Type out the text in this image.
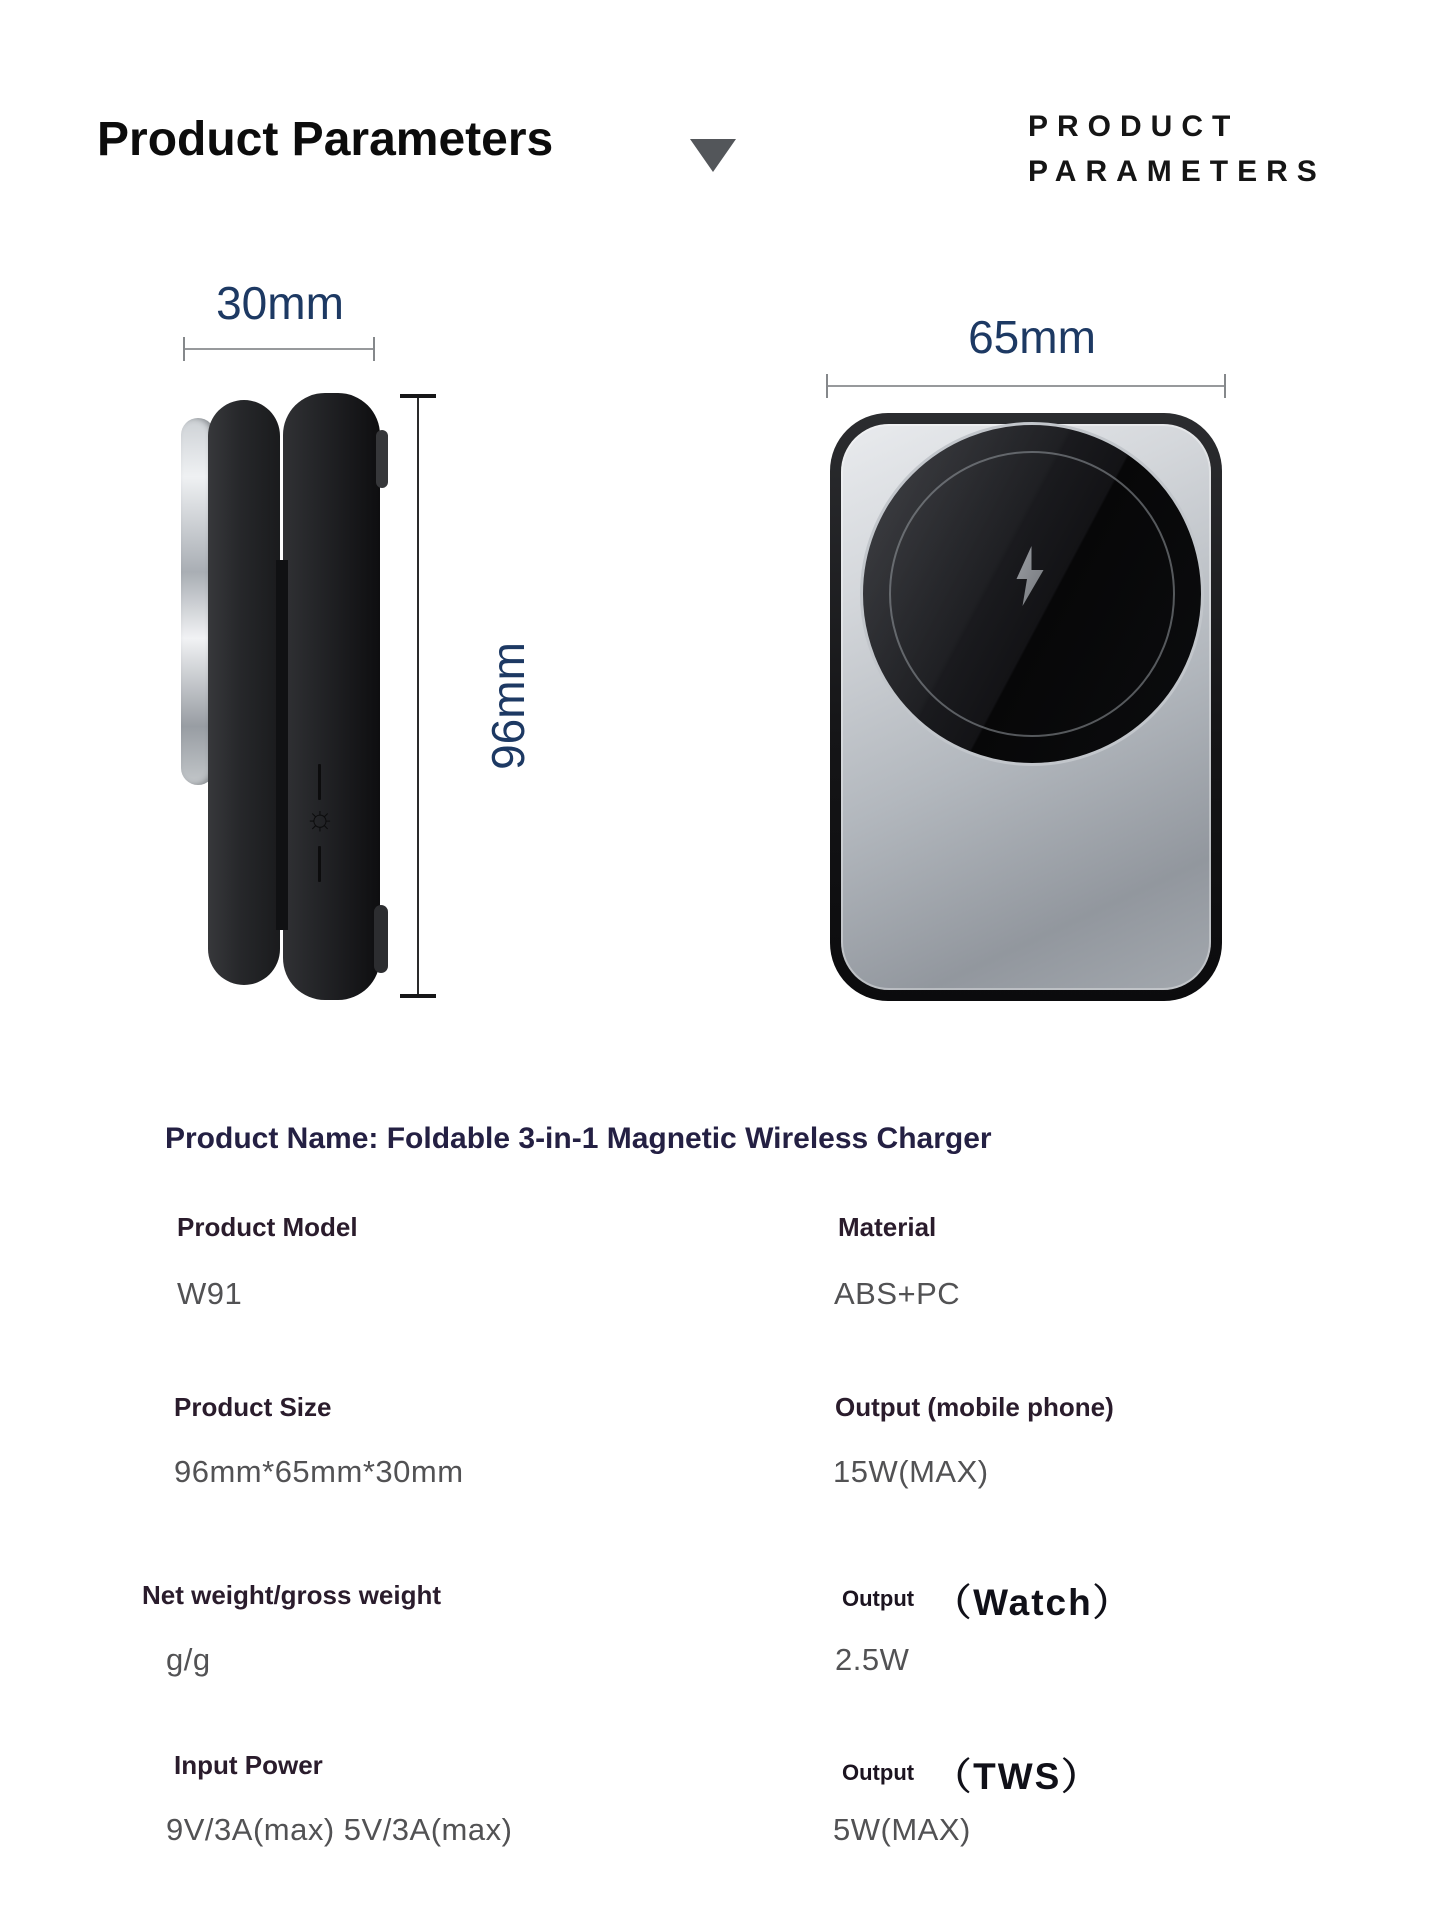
Product Parameters	PRODUCT
PARAMETERS
30mm
☼
96mm
65mm
Product Name: Foldable 3-in-1 Magnetic Wireless Charger
Product Model
W91
Material
ABS+PC
Product Size
96mm*65mm*30mm
Output (mobile phone)
15W(MAX)
Net weight/gross weight
g/g
Output （Watch）
2.5W
Input Power
9V/3A(max) 5V/3A(max)
Output （TWS）
5W(MAX)
